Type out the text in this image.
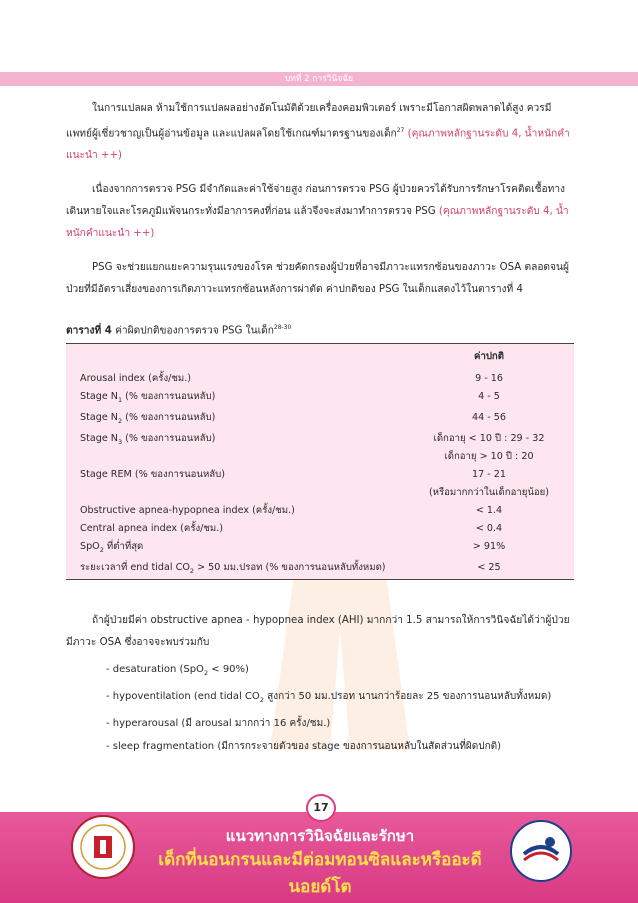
บทที่ 2 การวินิจฉัย

ในการแปลผล ห้ามใช้การแปลผลอย่างอัตโนมัติด้วยเครื่องคอมพิวเตอร์ เพราะมีโอกาสผิดพลาดได้สูง ควรมีแพทย์ผู้เชี่ยวชาญเป็นผู้อ่านข้อมูล และแปลผลโดยใช้เกณฑ์มาตรฐานของเด็ก$^{27}$ (คุณภาพหลักฐานระดับ 4, น้ำหนักคำแนะนำ ++)

เนื่องจากการตรวจ PSG มีจำกัดและค่าใช้จ่ายสูง ก่อนการตรวจ PSG ผู้ป่วยควรได้รับการรักษาโรคติดเชื้อทางเดินหายใจและโรคภูมิแพ้จนกระทั่งมีอาการคงที่ก่อน แล้วจึงจะส่งมาทำการตรวจ PSG (คุณภาพหลักฐานระดับ 4, น้ำหนักคำแนะนำ ++)

PSG จะช่วยแยกแยะความรุนแรงของโรค ช่วยคัดกรองผู้ป่วยที่อาจมีภาวะแทรกซ้อนของภาวะ OSA ตลอดจนผู้ป่วยที่มีอัตราเสี่ยงของการเกิดภาวะแทรกซ้อนหลังการผ่าตัด ค่าปกติของ PSG ในเด็กแสดงไว้ในตารางที่ 4

ตารางที่ 4 ค่าผิดปกติของการตรวจ PSG ในเด็ก$^{28-30}$
	ค่าปกติ
Arousal index (ครั้ง/ชม.)	9 - 16
Stage $N_1$ (% ของการนอนหลับ)	4 - 5
Stage $N_2$ (% ของการนอนหลับ)	44 - 56
Stage $N_3$ (% ของการนอนหลับ)	เด็กอายุ < 10 ปี : 29 - 32
เด็กอายุ > 10 ปี : 20

Stage REM (% ของการนอนหลับ)	17 - 21
(หรือมากกว่าในเด็กอายุน้อย)

Obstructive apnea-hypopnea index (ครั้ง/ชม.)	< 1.4
Central apnea index (ครั้ง/ชม.)	< 0.4
SpO$_2$ ที่ต่ำที่สุด	> 91%
ระยะเวลาที่ end tidal $CO_2 > 50$ มม.ปรอท (% ของการนอนหลับทั้งหมด)	< 25

ถ้าผู้ป่วยมีค่า obstructive apnea - hypopnea index (AHI) มากกว่า 1.5 สามารถให้การวินิจฉัยได้ว่าผู้ป่วยมีภาวะ OSA ซึ่งอาจจะพบร่วมกับ

- desaturation (SpO$_2$ < 90%)
- hypoventilation (end tidal $CO_2$ สูงกว่า 50 มม.ปรอท นานกว่าร้อยละ 25 ของการนอนหลับทั้งหมด)
- hyperarousal (มี arousal มากกว่า 16 ครั้ง/ชม.)
- sleep fragmentation (มีการกระจายตัวของ stage ของการนอนหลับในสัดส่วนที่ผิดปกติ)
17
แนวทางการวินิจฉัยและรักษา
เด็กที่นอนกรนและมีต่อมทอนซิลและหรืออะดีนอยด์โต
